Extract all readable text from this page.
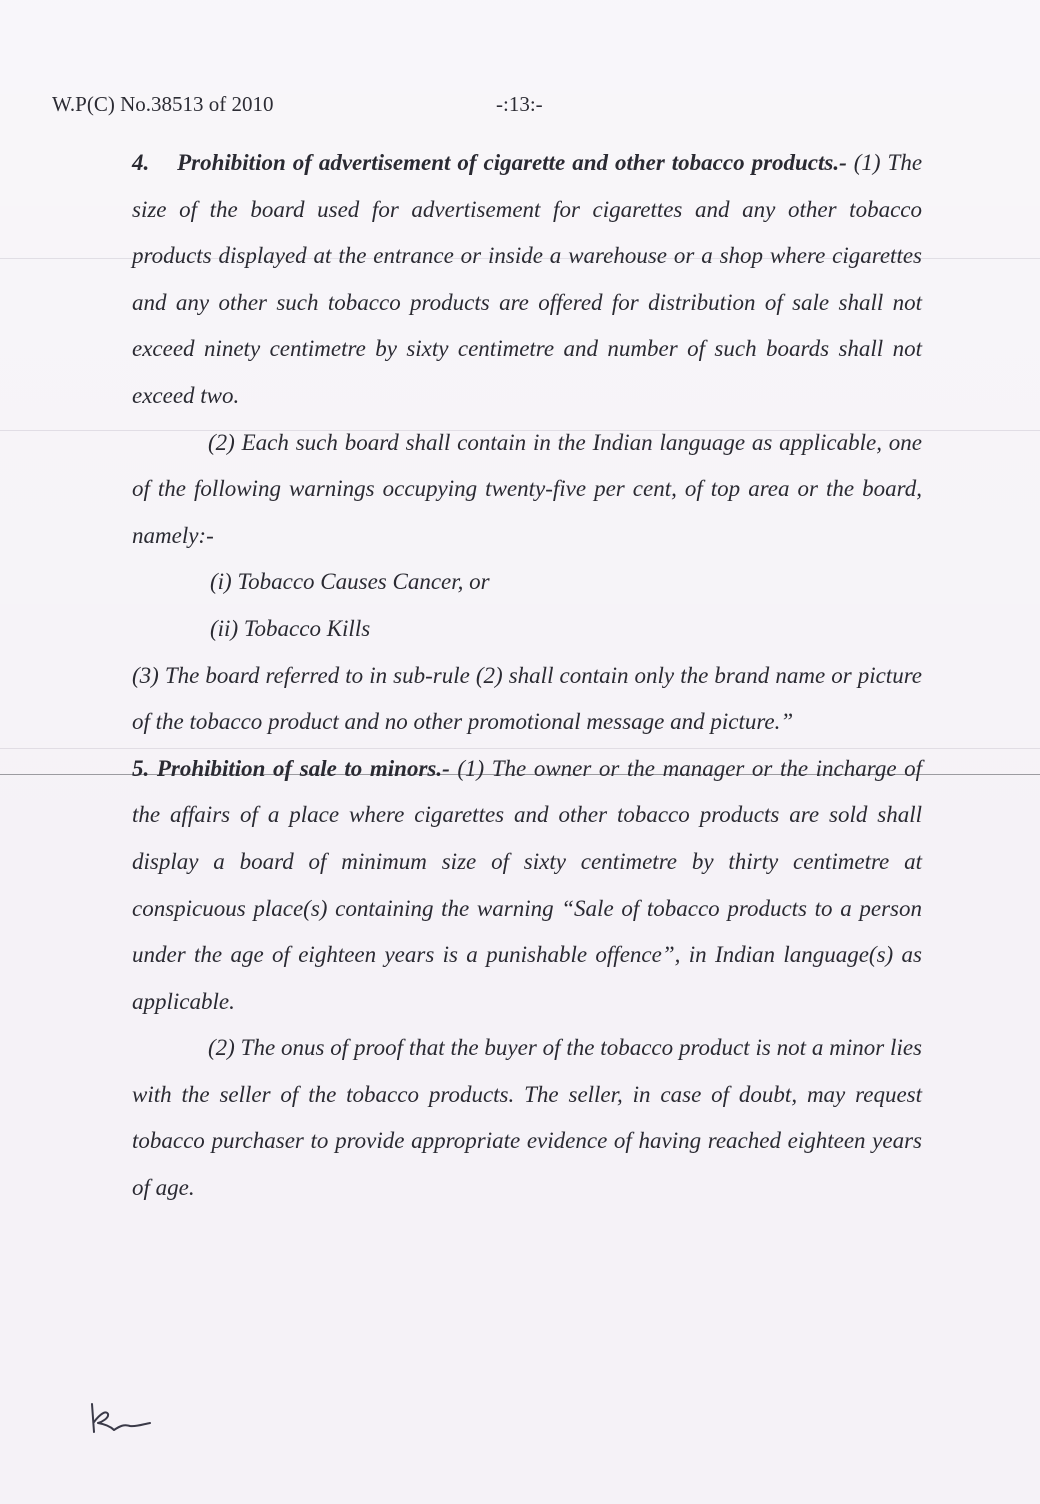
W.P(C) No.38513 of 2010	-:13:-

4. Prohibition of advertisement of cigarette and other tobacco products.- (1) The size of the board used for advertisement for cigarettes and any other tobacco products displayed at the entrance or inside a warehouse or a shop where cigarettes and any other such tobacco products are offered for distribution of sale shall not exceed ninety centimetre by sixty centimetre and number of such boards shall not exceed two.

(2) Each such board shall contain in the Indian language as applicable, one of the following warnings occupying twenty-five per cent, of top area or the board, namely:-

(i) Tobacco Causes Cancer, or

(ii) Tobacco Kills

(3) The board referred to in sub-rule (2) shall contain only the brand name or picture of the tobacco product and no other promotional message and picture.”

5. Prohibition of sale to minors.- (1) The owner or the manager or the incharge of the affairs of a place where cigarettes and other tobacco products are sold shall display a board of minimum size of sixty centimetre by thirty centimetre at conspicuous place(s) containing the warning “Sale of tobacco products to a person under the age of eighteen years is a punishable offence”, in Indian language(s) as applicable.

(2) The onus of proof that the buyer of the tobacco product is not a minor lies with the seller of the tobacco products. The seller, in case of doubt, may request tobacco purchaser to provide appropriate evidence of having reached eighteen years of age.
